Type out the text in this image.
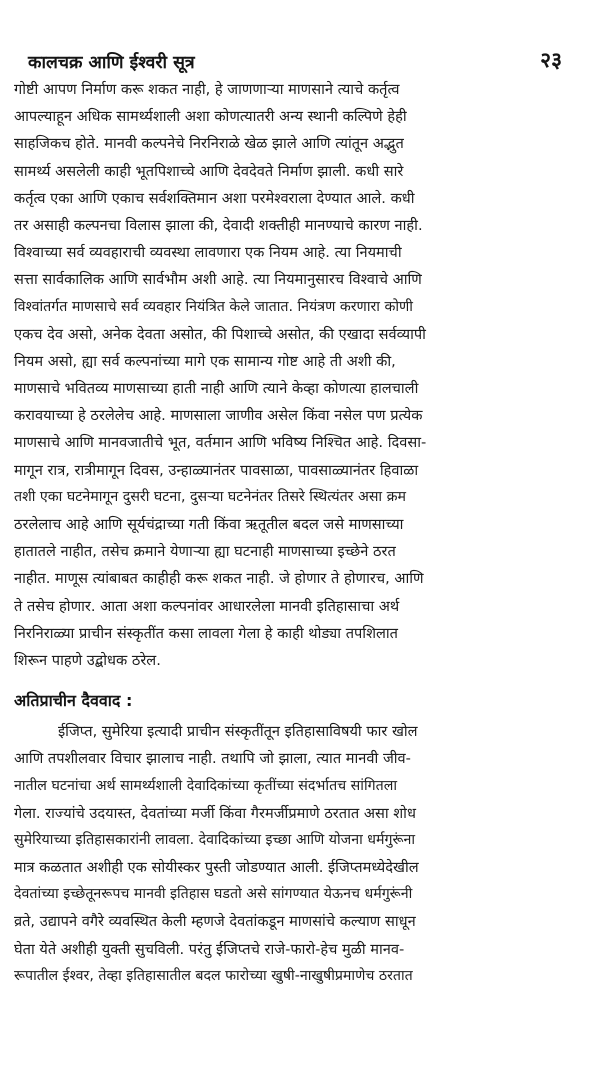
कालचक्र आणि ईश्वरी सूत्र	२३
गोष्टी आपण निर्माण करू शकत नाही, हे जाणणाऱ्या माणसाने त्याचे कर्तृत्व
आपल्याहून अधिक सामर्थ्यशाली अशा कोणत्यातरी अन्य स्थानी कल्पिणे हेही
साहजिकच होते. मानवी कल्पनेचे निरनिराळे खेळ झाले आणि त्यांतून अद्भुत
सामर्थ्य असलेली काही भूतपिशाच्चे आणि देवदेवते निर्माण झाली. कधी सारे
कर्तृत्व एका आणि एकाच सर्वशक्तिमान अशा परमेश्वराला देण्यात आले. कधी
तर असाही कल्पनचा विलास झाला की, देवादी शक्तीही मानण्याचे कारण नाही.
विश्वाच्या सर्व व्यवहाराची व्यवस्था लावणारा एक नियम आहे. त्या नियमाची
सत्ता सार्वकालिक आणि सार्वभौम अशी आहे. त्या नियमानुसारच विश्वाचे आणि
विश्वांतर्गत माणसाचे सर्व व्यवहार नियंत्रित केले जातात. नियंत्रण करणारा कोणी
एकच देव असो, अनेक देवता असोत, की पिशाच्चे असोत, की एखादा सर्वव्यापी
नियम असो, ह्या सर्व कल्पनांच्या मागे एक सामान्य गोष्ट आहे ती अशी की,
माणसाचे भवितव्य माणसाच्या हाती नाही आणि त्याने केव्हा कोणत्या हालचाली
करावयाच्या हे ठरलेलेच आहे. माणसाला जाणीव असेल किंवा नसेल पण प्रत्येक
माणसाचे आणि मानवजातीचे भूत, वर्तमान आणि भविष्य निश्चित आहे. दिवसा-
मागून रात्र, रात्रीमागून दिवस, उन्हाळ्यानंतर पावसाळा, पावसाळ्यानंतर हिवाळा
तशी एका घटनेमागून दुसरी घटना, दुसऱ्या घटनेनंतर तिसरे स्थित्यंतर असा क्रम
ठरलेलाच आहे आणि सूर्यचंद्राच्या गती किंवा ऋतूतील बदल जसे माणसाच्या
हातातले नाहीत, तसेच क्रमाने येणाऱ्या ह्या घटनाही माणसाच्या इच्छेने ठरत
नाहीत. माणूस त्यांबाबत काहीही करू शकत नाही. जे होणार ते होणारच, आणि
ते तसेच होणार. आता अशा कल्पनांवर आधारलेला मानवी इतिहासाचा अर्थ
निरनिराळ्या प्राचीन संस्कृतींत कसा लावला गेला हे काही थोड्या तपशिलात
शिरून पाहणे उद्बोधक ठरेल.
अतिप्राचीन दैववाद :
ईजिप्त, सुमेरिया इत्यादी प्राचीन संस्कृतींतून इतिहासाविषयी फार खोल
आणि तपशीलवार विचार झालाच नाही. तथापि जो झाला, त्यात मानवी जीव-
नातील घटनांचा अर्थ सामर्थ्यशाली देवादिकांच्या कृतींच्या संदर्भातच सांगितला
गेला. राज्यांचे उदयास्त, देवतांच्या मर्जी किंवा गैरमर्जीप्रमाणे ठरतात असा शोध
सुमेरियाच्या इतिहासकारांनी लावला. देवादिकांच्या इच्छा आणि योजना धर्मगुरूंना
मात्र कळतात अशीही एक सोयीस्कर पुस्ती जोडण्यात आली. ईजिप्तमध्येदेखील
देवतांच्या इच्छेतूनरूपच मानवी इतिहास घडतो असे सांगण्यात येऊनच धर्मगुरूंनी
व्रते, उद्यापने वगैरे व्यवस्थित केली म्हणजे देवतांकडून माणसांचे कल्याण साधून
घेता येते अशीही युक्ती सुचविली. परंतु ईजिप्तचे राजे-फारो-हेच मुळी मानव-
रूपातील ईश्वर, तेव्हा इतिहासातील बदल फारोच्या खुषी-नाखुषीप्रमाणेच ठरतात
